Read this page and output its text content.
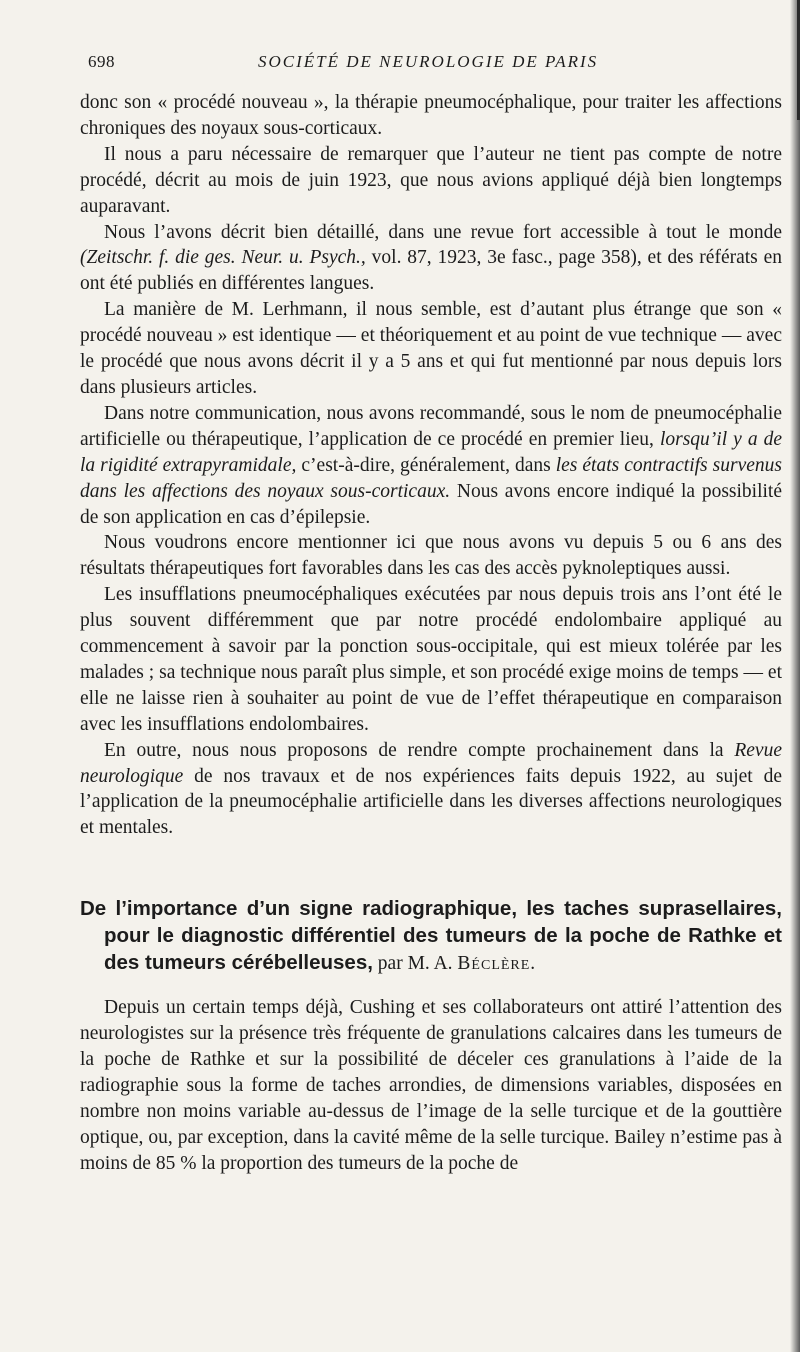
698	SOCIÉTÉ DE NEUROLOGIE DE PARIS

donc son « procédé nouveau », la thérapie pneumocéphalique, pour traiter les affections chroniques des noyaux sous-corticaux.

Il nous a paru nécessaire de remarquer que l’auteur ne tient pas compte de notre procédé, décrit au mois de juin 1923, que nous avions appliqué déjà bien longtemps auparavant.

Nous l’avons décrit bien détaillé, dans une revue fort accessible à tout le monde (Zeitschr. f. die ges. Neur. u. Psych., vol. 87, 1923, 3e fasc., page 358), et des référats en ont été publiés en différentes langues.

La manière de M. Lerhmann, il nous semble, est d’autant plus étrange que son « procédé nouveau » est identique — et théoriquement et au point de vue technique — avec le procédé que nous avons décrit il y a 5 ans et qui fut mentionné par nous depuis lors dans plusieurs articles.

Dans notre communication, nous avons recommandé, sous le nom de pneumocéphalie artificielle ou thérapeutique, l’application de ce procédé en premier lieu, lorsqu’il y a de la rigidité extrapyramidale, c’est-à-dire, généralement, dans les états contractifs survenus dans les affections des noyaux sous-corticaux. Nous avons encore indiqué la possibilité de son application en cas d’épilepsie.

Nous voudrons encore mentionner ici que nous avons vu depuis 5 ou 6 ans des résultats thérapeutiques fort favorables dans les cas des accès pyknoleptiques aussi.

Les insufflations pneumocéphaliques exécutées par nous depuis trois ans l’ont été le plus souvent différemment que par notre procédé endolombaire appliqué au commencement à savoir par la ponction sous-occipitale, qui est mieux tolérée par les malades ; sa technique nous paraît plus simple, et son procédé exige moins de temps — et elle ne laisse rien à souhaiter au point de vue de l’effet thérapeutique en comparaison avec les insufflations endolombaires.

En outre, nous nous proposons de rendre compte prochainement dans la Revue neurologique de nos travaux et de nos expériences faits depuis 1922, au sujet de l’application de la pneumocéphalie artificielle dans les diverses affections neurologiques et mentales.

De l’importance d’un signe radiographique, les taches suprasellaires, pour le diagnostic différentiel des tumeurs de la poche de Rathke et des tumeurs cérébelleuses, par M. A. Béclère.

Depuis un certain temps déjà, Cushing et ses collaborateurs ont attiré l’attention des neurologistes sur la présence très fréquente de granulations calcaires dans les tumeurs de la poche de Rathke et sur la possibilité de déceler ces granulations à l’aide de la radiographie sous la forme de taches arrondies, de dimensions variables, disposées en nombre non moins variable au-dessus de l’image de la selle turcique et de la gouttière optique, ou, par exception, dans la cavité même de la selle turcique. Bailey n’estime pas à moins de 85 % la proportion des tumeurs de la poche de
